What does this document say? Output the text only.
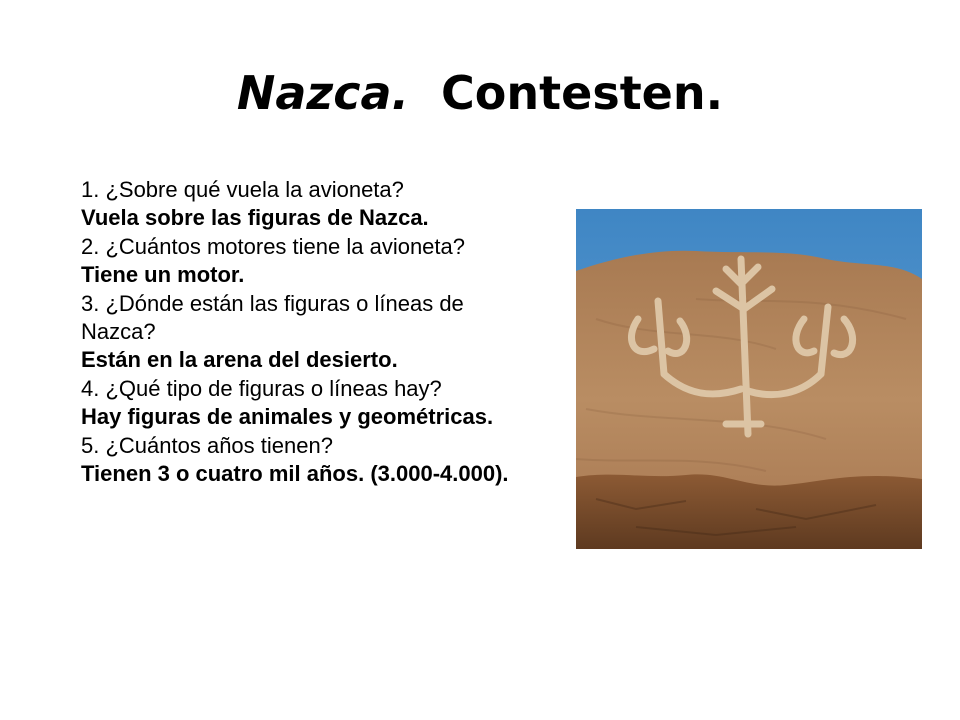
Nazca. Contesten.
1. ¿Sobre qué vuela la avioneta?
Vuela sobre las figuras de Nazca.
2. ¿Cuántos motores tiene la avioneta?
Tiene un motor.
3. ¿Dónde están las figuras o líneas de Nazca?
Están en la arena del desierto.
4. ¿Qué tipo de figuras o líneas hay?
Hay figuras de animales y geométricas.
5. ¿Cuántos años tienen?
Tienen 3 o cuatro mil años. (3.000-4.000).
